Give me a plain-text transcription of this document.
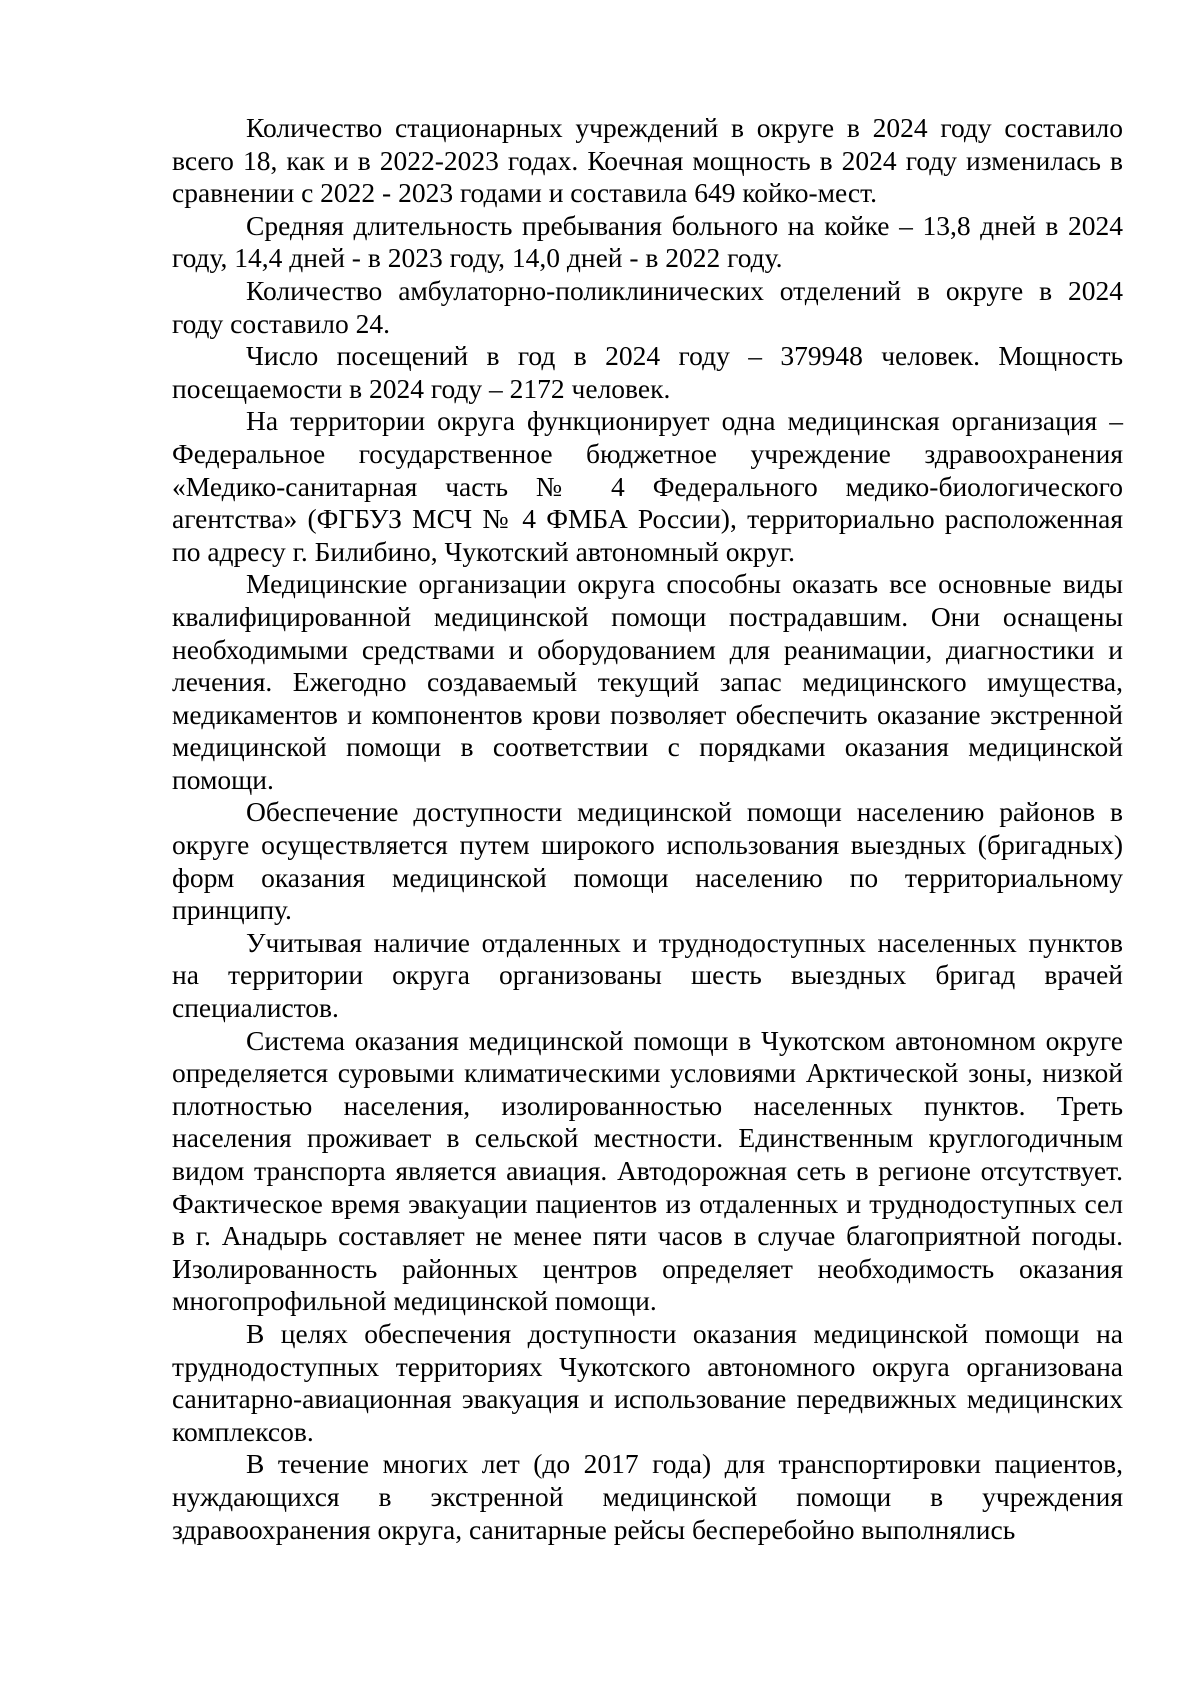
Количество стационарных учреждений в округе в 2024 году составило всего 18, как и в 2022-2023 годах. Коечная мощность в 2024 году изменилась в сравнении с 2022 - 2023 годами и составила 649 койко-мест.

Средняя длительность пребывания больного на койке – 13,8 дней в 2024 году, 14,4 дней - в 2023 году, 14,0 дней - в 2022 году.

Количество амбулаторно-поликлинических отделений в округе в 2024 году составило 24.

Число посещений в год в 2024 году – 379948 человек. Мощность посещаемости в 2024 году – 2172 человек.

На территории округа функционирует одна медицинская организация – Федеральное государственное бюджетное учреждение здравоохранения «Медико-санитарная часть № 4 Федерального медико-биологического агентства» (ФГБУЗ МСЧ № 4 ФМБА России), территориально расположенная по адресу г. Билибино, Чукотский автономный округ.

Медицинские организации округа способны оказать все основные виды квалифицированной медицинской помощи пострадавшим. Они оснащены необходимыми средствами и оборудованием для реанимации, диагностики и лечения. Ежегодно создаваемый текущий запас медицинского имущества, медикаментов и компонентов крови позволяет обеспечить оказание экстренной медицинской помощи в соответствии с порядками оказания медицинской помощи.

Обеспечение доступности медицинской помощи населению районов в округе осуществляется путем широкого использования выездных (бригадных) форм оказания медицинской помощи населению по территориальному принципу.

Учитывая наличие отдаленных и труднодоступных населенных пунктов на территории округа организованы шесть выездных бригад врачей специалистов.

Система оказания медицинской помощи в Чукотском автономном округе определяется суровыми климатическими условиями Арктической зоны, низкой плотностью населения, изолированностью населенных пунктов. Треть населения проживает в сельской местности. Единственным круглогодичным видом транспорта является авиация. Автодорожная сеть в регионе отсутствует. Фактическое время эвакуации пациентов из отдаленных и труднодоступных сел в г. Анадырь составляет не менее пяти часов в случае благоприятной погоды. Изолированность районных центров определяет необходимость оказания многопрофильной медицинской помощи.

В целях обеспечения доступности оказания медицинской помощи на труднодоступных территориях Чукотского автономного округа организована санитарно-авиационная эвакуация и использование передвижных медицинских комплексов.

В течение многих лет (до 2017 года) для транспортировки пациентов, нуждающихся в экстренной медицинской помощи в учреждения здравоохранения округа, санитарные рейсы бесперебойно выполнялись
